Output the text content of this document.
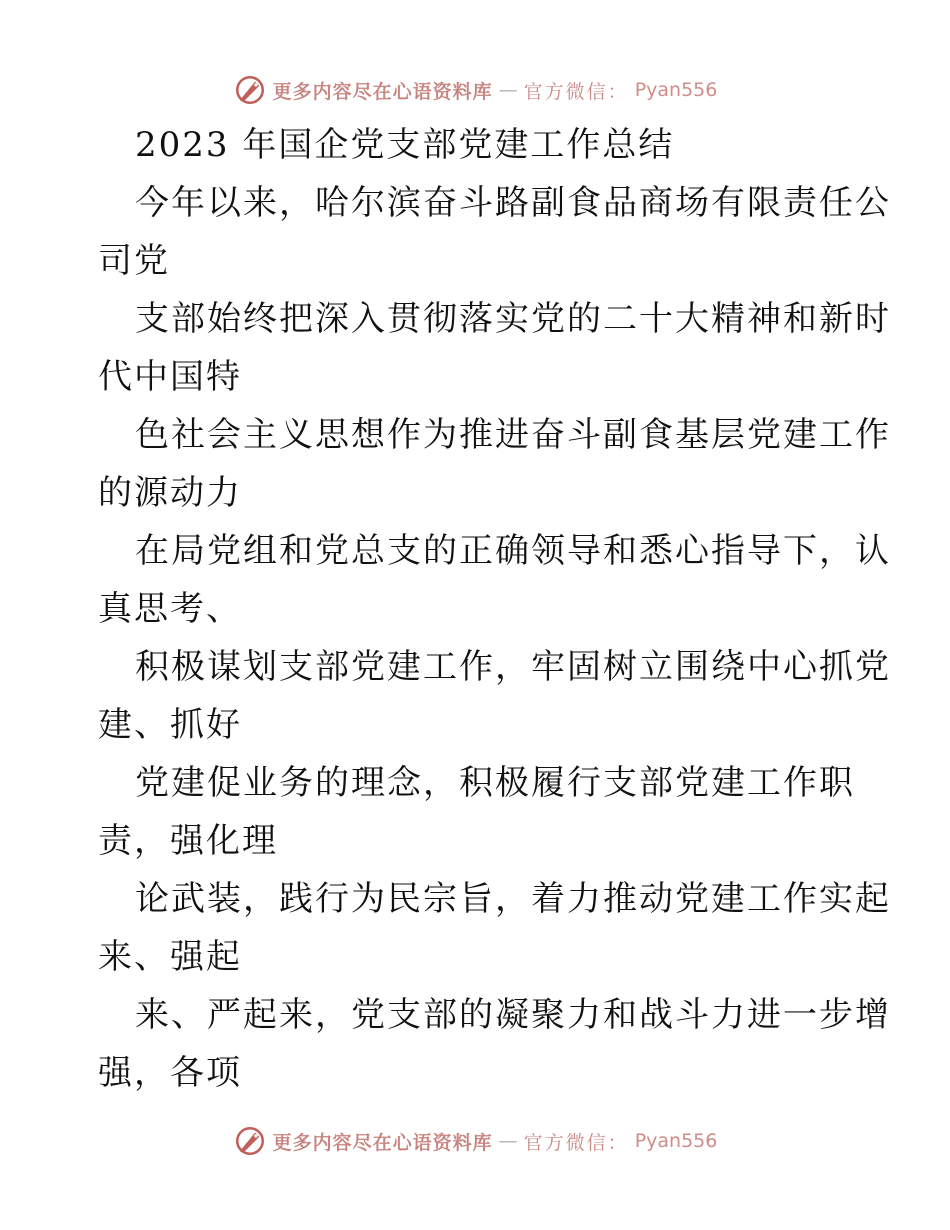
更多内容尽在心语资料库 — 官方微信： Pyan556
2023 年国企党支部党建工作总结
今年以来，哈尔滨奋斗路副食品商场有限责任公
司党
支部始终把深入贯彻落实党的二十大精神和新时
代中国特
色社会主义思想作为推进奋斗副食基层党建工作
的源动力
在局党组和党总支的正确领导和悉心指导下，认
真思考、
积极谋划支部党建工作，牢固树立围绕中心抓党
建、抓好
党建促业务的理念，积极履行支部党建工作职
责，强化理
论武装，践行为民宗旨，着力推动党建工作实起
来、强起
来、严起来，党支部的凝聚力和战斗力进一步增
强，各项
更多内容尽在心语资料库 — 官方微信： Pyan556
